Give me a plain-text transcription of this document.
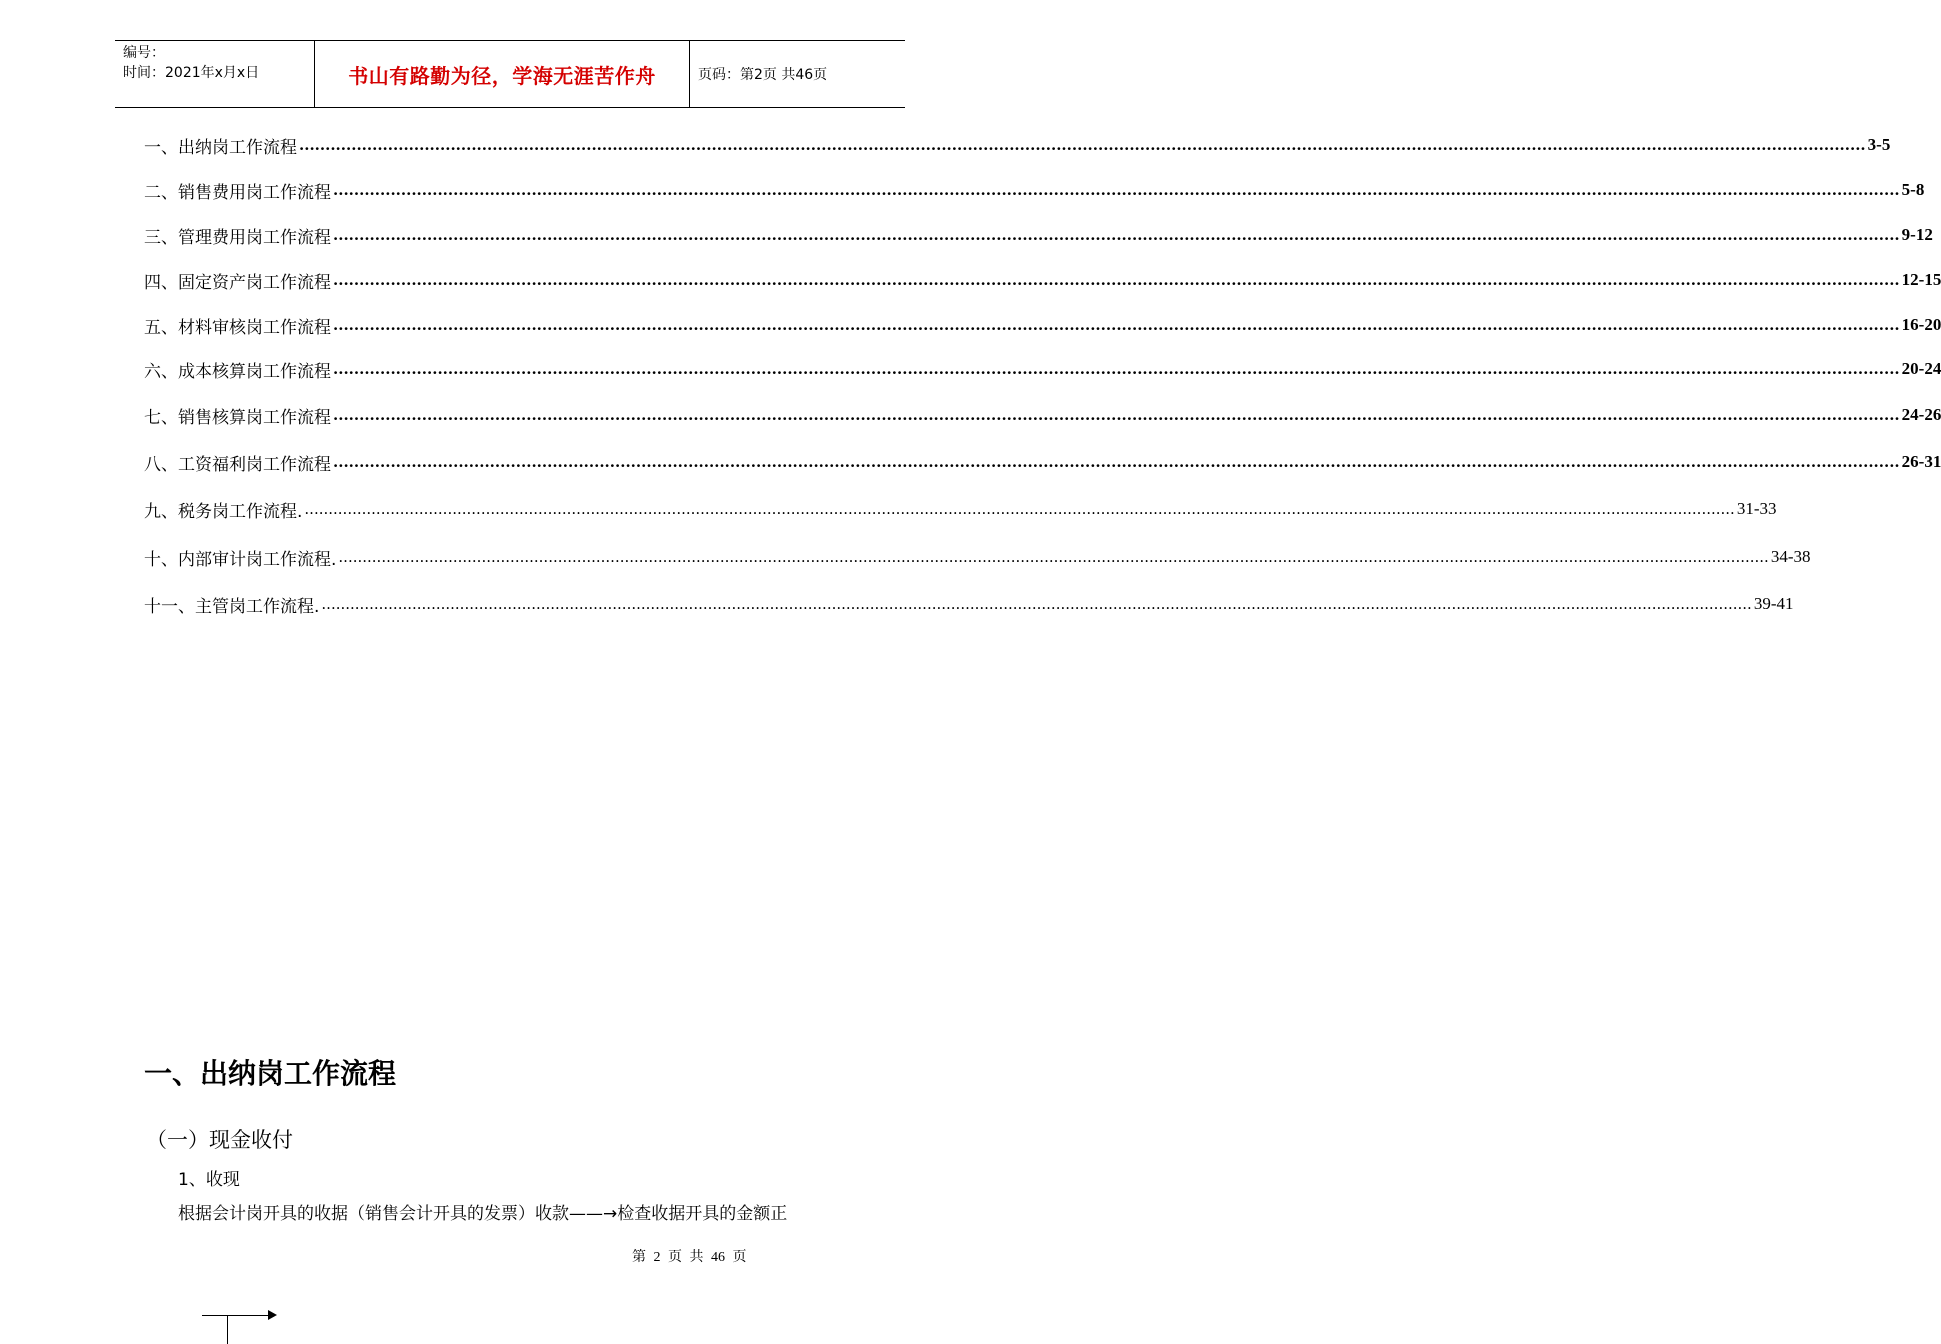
编号：
时间：2021年x月x日	书山有路勤为径，学海无涯苦作舟	页码：第2页 共46页
一、出纳岗工作流程 ............................................................................................................................................................................................................................................................................................................ 3-5
二、销售费用岗工作流程 ............................................................................................................................................................................................................................................................................................................ 5-8
三、管理费用岗工作流程 ............................................................................................................................................................................................................................................................................................................ 9-12
四、固定资产岗工作流程 ............................................................................................................................................................................................................................................................................................................ 12-15
五、材料审核岗工作流程 ............................................................................................................................................................................................................................................................................................................ 16-20
六、成本核算岗工作流程 ............................................................................................................................................................................................................................................................................................................ 20-24
七、销售核算岗工作流程 ............................................................................................................................................................................................................................................................................................................ 24-26
八、工资福利岗工作流程 ............................................................................................................................................................................................................................................................................................................ 26-31
九、税务岗工作流程. ............................................................................................................................................................................................................................................................................................................ 31-33
十、内部审计岗工作流程. ............................................................................................................................................................................................................................................................................................................ 34-38
十一、主管岗工作流程. ............................................................................................................................................................................................................................................................................................................ 39-41
一、出纳岗工作流程
（一）现金收付
1、收现
根据会计岗开具的收据（销售会计开具的发票）收款——→检查收据开具的金额正
第 2 页 共 46 页
